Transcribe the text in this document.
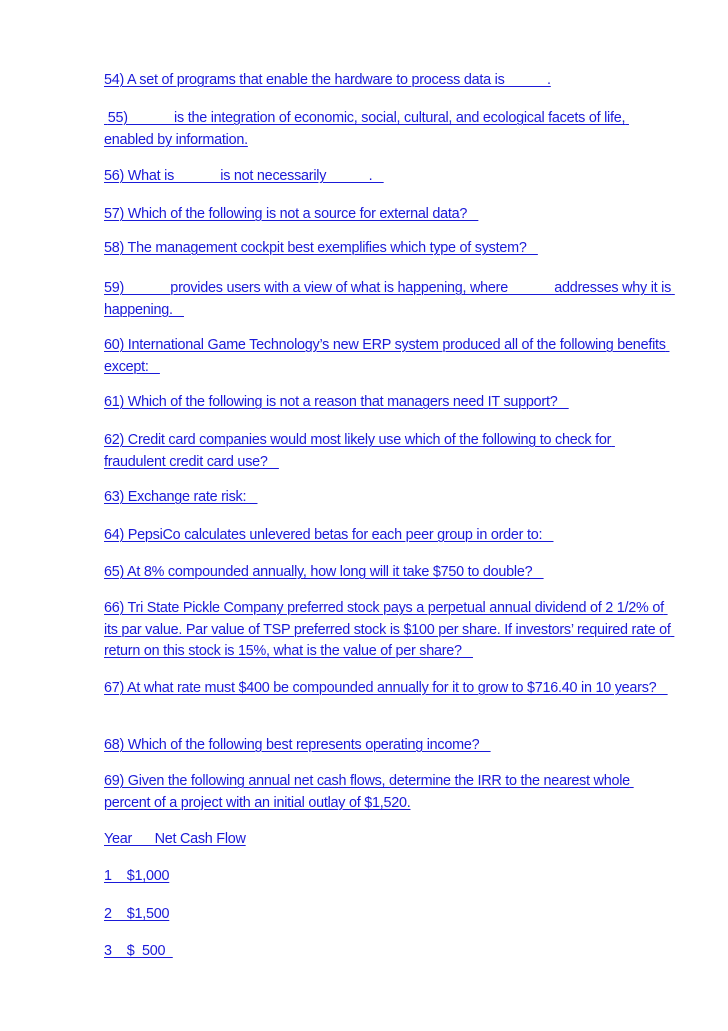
54) A set of programs that enable the hardware to process data is _____.

55) _____ is the integration of economic, social, cultural, and ecological facets of life, enabled by information.

56) What is _____ is not necessarily _____.

57) Which of the following is not a source for external data?

58) The management cockpit best exemplifies which type of system?

59) _____ provides users with a view of what is happening, where _____ addresses why it is happening.

60) International Game Technology’s new ERP system produced all of the following benefits except:

61) Which of the following is not a reason that managers need IT support?

62) Credit card companies would most likely use which of the following to check for fraudulent credit card use?

63) Exchange rate risk:

64) PepsiCo calculates unlevered betas for each peer group in order to:

65) At 8% compounded annually, how long will it take $750 to double?

66) Tri State Pickle Company preferred stock pays a perpetual annual dividend of 2 1/2% of its par value. Par value of TSP preferred stock is $100 per share. If investors’ required rate of return on this stock is 15%, what is the value of per share?

67) At what rate must $400 be compounded annually for it to grow to $716.40 in 10 years?

68) Which of the following best represents operating income?

69) Given the following annual net cash flows, determine the IRR to the nearest whole percent of a project with an initial outlay of $1,520.

Year      Net Cash Flow

1    $1,000

2    $1,500

3    $  500
